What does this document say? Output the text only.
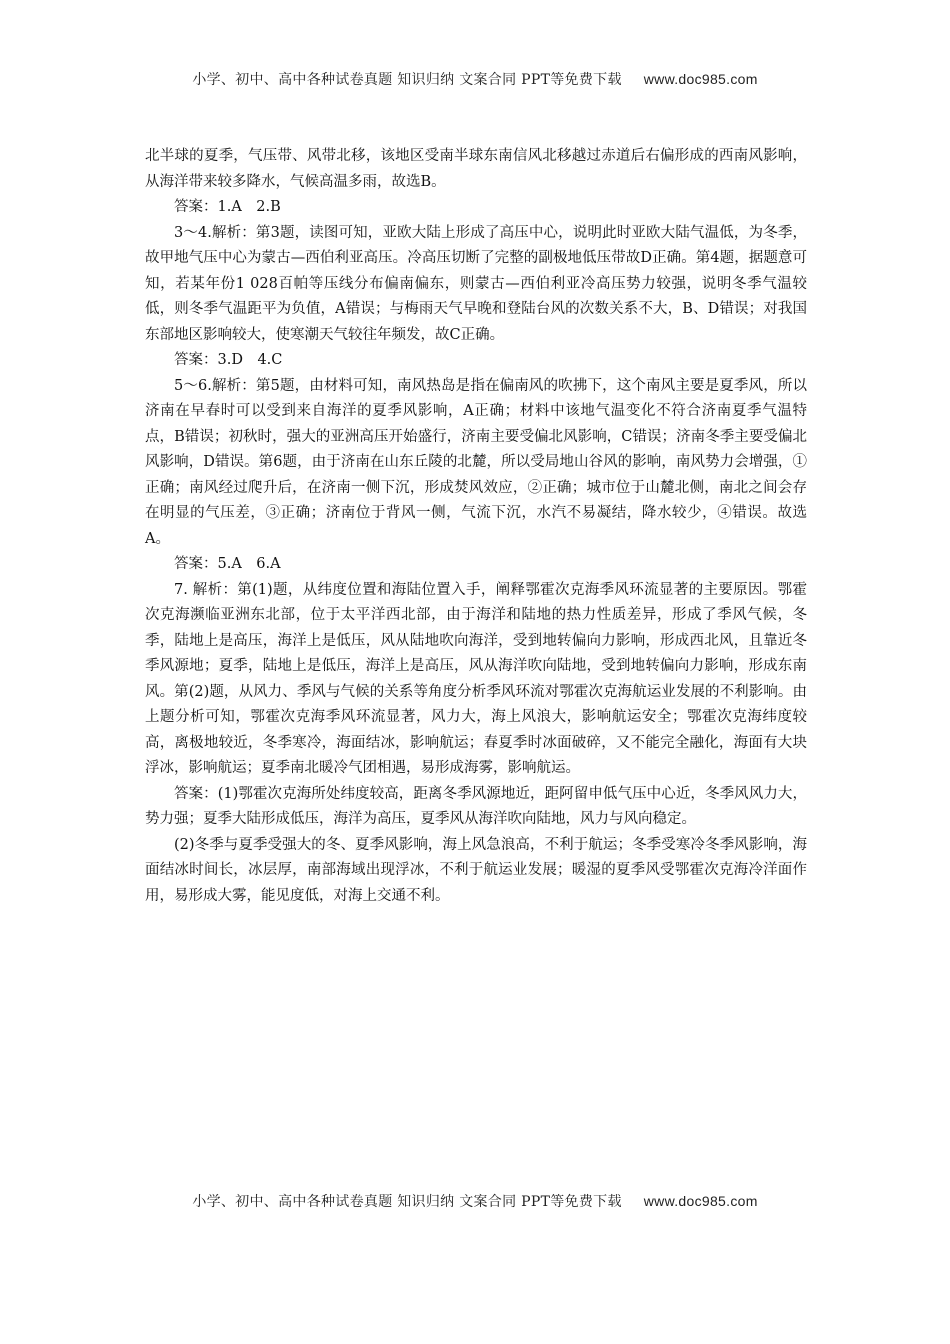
小学、初中、高中各种试卷真题 知识归纳 文案合同 PPT等免费下载 www.doc985.com

北半球的夏季，气压带、风带北移，该地区受南半球东南信风北移越过赤道后右偏形成的西南风影响，从海洋带来较多降水，气候高温多雨，故选B。

答案：1.A　2.B

3～4.解析：第3题，读图可知，亚欧大陆上形成了高压中心，说明此时亚欧大陆气温低，为冬季，故甲地气压中心为蒙古—西伯利亚高压。冷高压切断了完整的副极地低压带故D正确。第4题，据题意可知，若某年份1 028百帕等压线分布偏南偏东，则蒙古—西伯利亚冷高压势力较强，说明冬季气温较低，则冬季气温距平为负值，A错误；与梅雨天气早晚和登陆台风的次数关系不大，B、D错误；对我国东部地区影响较大，使寒潮天气较往年频发，故C正确。

答案：3.D　4.C

5～6.解析：第5题，由材料可知，南风热岛是指在偏南风的吹拂下，这个南风主要是夏季风，所以济南在早春时可以受到来自海洋的夏季风影响，A正确；材料中该地气温变化不符合济南夏季气温特点，B错误；初秋时，强大的亚洲高压开始盛行，济南主要受偏北风影响，C错误；济南冬季主要受偏北风影响，D错误。第6题，由于济南在山东丘陵的北麓，所以受局地山谷风的影响，南风势力会增强，①正确；南风经过爬升后，在济南一侧下沉，形成焚风效应，②正确；城市位于山麓北侧，南北之间会存在明显的气压差，③正确；济南位于背风一侧，气流下沉，水汽不易凝结，降水较少，④错误。故选A。

答案：5.A　6.A

7. 解析：第(1)题，从纬度位置和海陆位置入手，阐释鄂霍次克海季风环流显著的主要原因。鄂霍次克海濒临亚洲东北部，位于太平洋西北部，由于海洋和陆地的热力性质差异，形成了季风气候，冬季，陆地上是高压，海洋上是低压，风从陆地吹向海洋，受到地转偏向力影响，形成西北风，且靠近冬季风源地；夏季，陆地上是低压，海洋上是高压，风从海洋吹向陆地，受到地转偏向力影响，形成东南风。第(2)题，从风力、季风与气候的关系等角度分析季风环流对鄂霍次克海航运业发展的不利影响。由上题分析可知，鄂霍次克海季风环流显著，风力大，海上风浪大，影响航运安全；鄂霍次克海纬度较高，离极地较近，冬季寒冷，海面结冰，影响航运；春夏季时冰面破碎，又不能完全融化，海面有大块浮冰，影响航运；夏季南北暖冷气团相遇，易形成海雾，影响航运。

答案：(1)鄂霍次克海所处纬度较高，距离冬季风源地近，距阿留申低气压中心近，冬季风风力大，势力强；夏季大陆形成低压，海洋为高压，夏季风从海洋吹向陆地，风力与风向稳定。

(2)冬季与夏季受强大的冬、夏季风影响，海上风急浪高，不利于航运；冬季受寒冷冬季风影响，海面结冰时间长，冰层厚，南部海域出现浮冰，不利于航运业发展；暖湿的夏季风受鄂霍次克海冷洋面作用，易形成大雾，能见度低，对海上交通不利。

小学、初中、高中各种试卷真题 知识归纳 文案合同 PPT等免费下载 www.doc985.com
